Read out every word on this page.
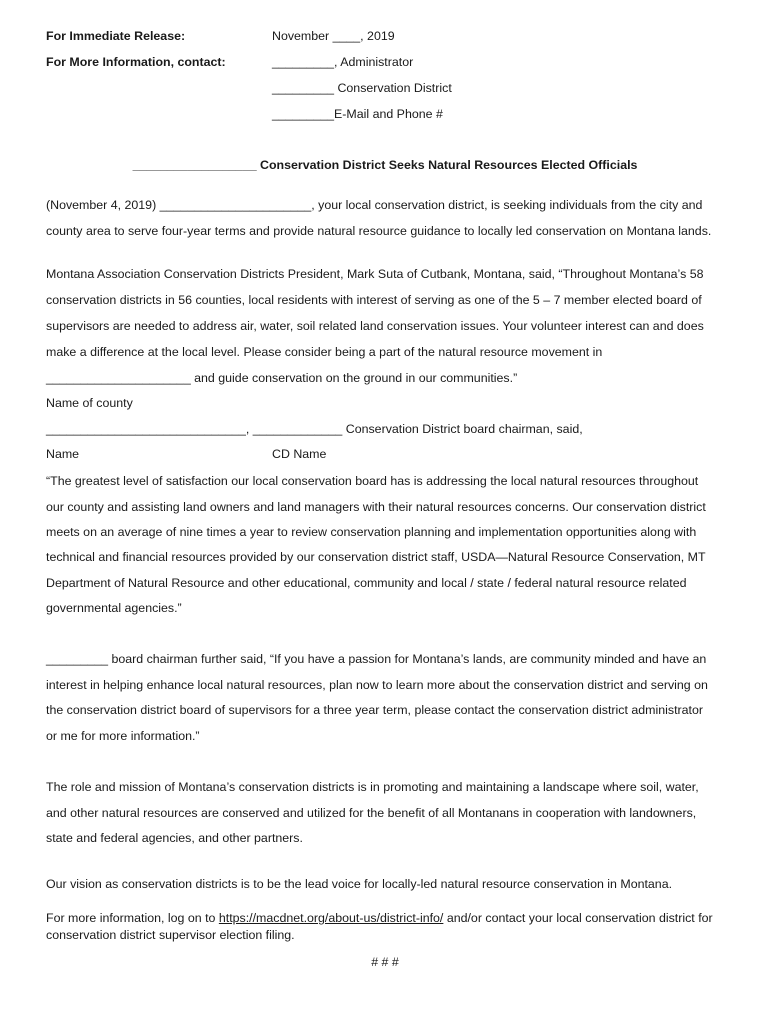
For Immediate Release:	November ____, 2019
For More Information, contact:	_________, Administrator
_________ Conservation District
_________E-Mail and Phone #
__________________ Conservation District Seeks Natural Resources Elected Officials
(November 4, 2019) ______________________, your local conservation district, is seeking individuals from the city and
county area to serve four-year terms and provide natural resource guidance to locally led conservation on Montana lands.
Montana Association Conservation Districts President, Mark Suta of Cutbank, Montana, said, “Throughout Montana’s 58
conservation districts in 56 counties, local residents with interest of serving as one of the 5 – 7 member elected board of
supervisors are needed to address air, water, soil related land conservation issues. Your volunteer interest can and does
make a difference at the local level. Please consider being a part of the natural resource movement in
_____________________ and guide conservation on the ground in our communities.”
Name of county
_____________________________, _____________ Conservation District board chairman, said,
Name	CD Name
“The greatest level of satisfaction our local conservation board has is addressing the local natural resources throughout
our county and assisting land owners and land managers with their natural resources concerns. Our conservation district
meets on an average of nine times a year to review conservation planning and implementation opportunities along with
technical and financial resources provided by our conservation district staff, USDA—Natural Resource Conservation, MT
Department of Natural Resource and other educational, community and local / state / federal natural resource related
governmental agencies.”
_________ board chairman further said, “If you have a passion for Montana’s lands, are community minded and have an
interest in helping enhance local natural resources, plan now to learn more about the conservation district and serving on
the conservation district board of supervisors for a three year term, please contact the conservation district administrator
or me for more information.”
The role and mission of Montana’s conservation districts is in promoting and maintaining a landscape where soil, water,
and other natural resources are conserved and utilized for the benefit of all Montanans in cooperation with landowners,
state and federal agencies, and other partners.
Our vision as conservation districts is to be the lead voice for locally-led natural resource conservation in Montana.
For more information, log on to https://macdnet.org/about-us/district-info/ and/or contact your local conservation district for
conservation district supervisor election filing.
# # #
